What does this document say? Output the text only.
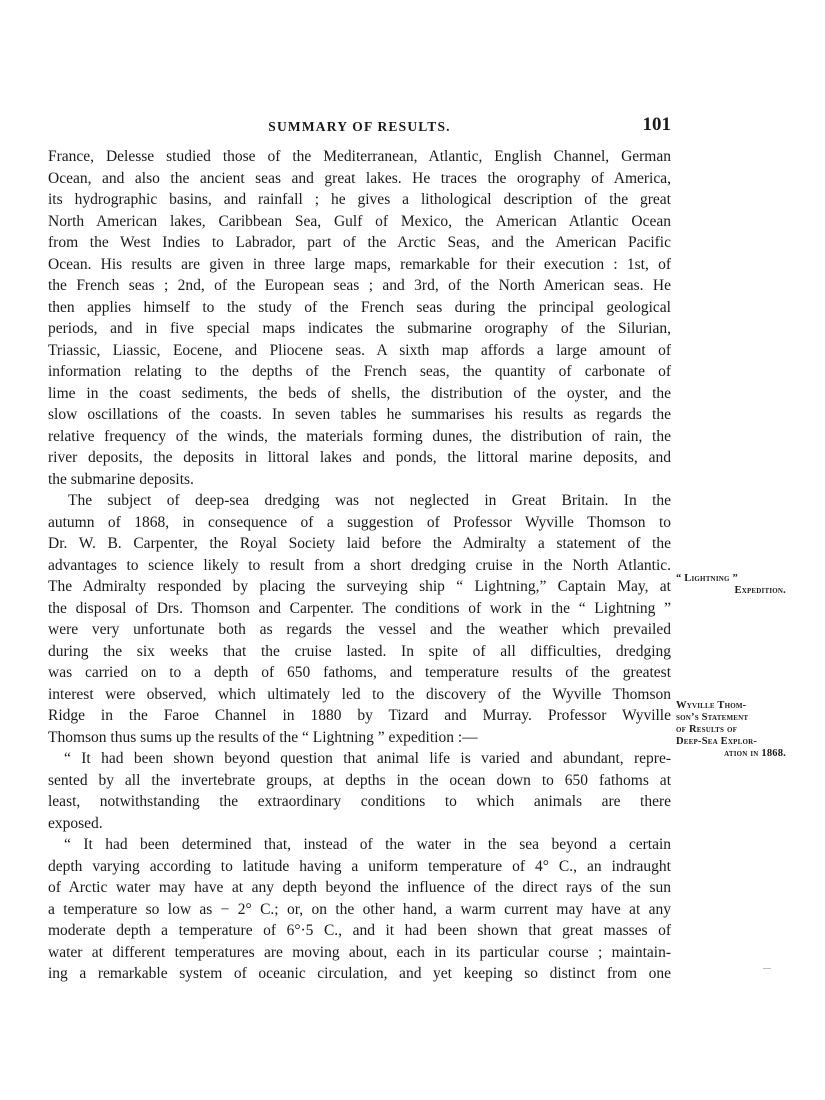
SUMMARY OF RESULTS.	101
France, Delesse studied those of the Mediterranean, Atlantic, English Channel, German
Ocean, and also the ancient seas and great lakes. He traces the orography of America,
its hydrographic basins, and rainfall ; he gives a lithological description of the great
North American lakes, Caribbean Sea, Gulf of Mexico, the American Atlantic Ocean
from the West Indies to Labrador, part of the Arctic Seas, and the American Pacific
Ocean. His results are given in three large maps, remarkable for their execution : 1st, of
the French seas ; 2nd, of the European seas ; and 3rd, of the North American seas. He
then applies himself to the study of the French seas during the principal geological
periods, and in five special maps indicates the submarine orography of the Silurian,
Triassic, Liassic, Eocene, and Pliocene seas. A sixth map affords a large amount of
information relating to the depths of the French seas, the quantity of carbonate of
lime in the coast sediments, the beds of shells, the distribution of the oyster, and the
slow oscillations of the coasts. In seven tables he summarises his results as regards the
relative frequency of the winds, the materials forming dunes, the distribution of rain, the
river deposits, the deposits in littoral lakes and ponds, the littoral marine deposits, and
the submarine deposits.
The subject of deep-sea dredging was not neglected in Great Britain. In the
autumn of 1868, in consequence of a suggestion of Professor Wyville Thomson to
Dr. W. B. Carpenter, the Royal Society laid before the Admiralty a statement of the
advantages to science likely to result from a short dredging cruise in the North Atlantic.
The Admiralty responded by placing the surveying ship “ Lightning,” Captain May, at
the disposal of Drs. Thomson and Carpenter. The conditions of work in the “ Lightning ”
were very unfortunate both as regards the vessel and the weather which prevailed
during the six weeks that the cruise lasted. In spite of all difficulties, dredging
was carried on to a depth of 650 fathoms, and temperature results of the greatest
interest were observed, which ultimately led to the discovery of the Wyville Thomson
Ridge in the Faroe Channel in 1880 by Tizard and Murray. Professor Wyville
Thomson thus sums up the results of the “ Lightning ” expedition :—
“ It had been shown beyond question that animal life is varied and abundant, repre-
sented by all the invertebrate groups, at depths in the ocean down to 650 fathoms at
least, notwithstanding the extraordinary conditions to which animals are there
exposed.
“ It had been determined that, instead of the water in the sea beyond a certain
depth varying according to latitude having a uniform temperature of 4° C., an indraught
of Arctic water may have at any depth beyond the influence of the direct rays of the sun
a temperature so low as − 2° C.; or, on the other hand, a warm current may have at any
moderate depth a temperature of 6°·5 C., and it had been shown that great masses of
water at different temperatures are moving about, each in its particular course ; maintain-
ing a remarkable system of oceanic circulation, and yet keeping so distinct from one
“ Lightning ”
Expedition.
Wyville Thom-
son’s Statement
of Results of
Deep-Sea Explor-
ation in 1868.
